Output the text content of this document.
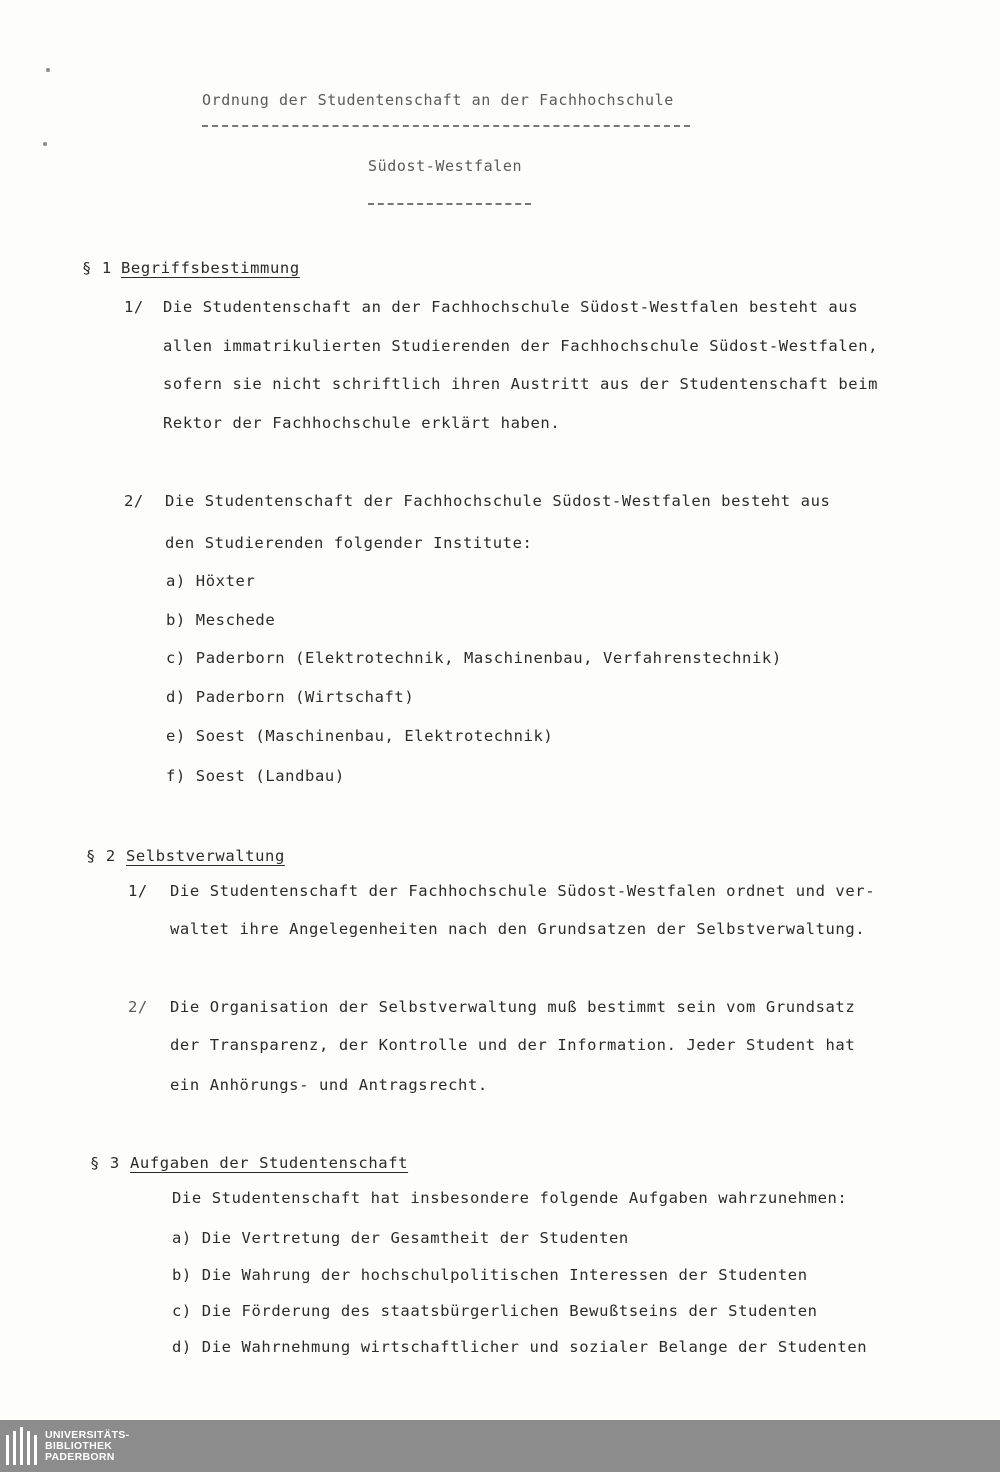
Ordnung der Studentenschaft an der Fachhochschule
Südost-Westfalen
§ 1 Begriffsbestimmung
1/ Die Studentenschaft an der Fachhochschule Südost-Westfalen besteht aus
allen immatrikulierten Studierenden der Fachhochschule Südost-Westfalen,
sofern sie nicht schriftlich ihren Austritt aus der Studentenschaft beim
Rektor der Fachhochschule erklärt haben.
2/ Die Studentenschaft der Fachhochschule Südost-Westfalen besteht aus
den Studierenden folgender Institute:
a) Höxter
b) Meschede
c) Paderborn (Elektrotechnik, Maschinenbau, Verfahrenstechnik)
d) Paderborn (Wirtschaft)
e) Soest (Maschinenbau, Elektrotechnik)
f) Soest (Landbau)
§ 2 Selbstverwaltung
1/ Die Studentenschaft der Fachhochschule Südost-Westfalen ordnet und ver-
waltet ihre Angelegenheiten nach den Grundsatzen der Selbstverwaltung.
2/ Die Organisation der Selbstverwaltung muß bestimmt sein vom Grundsatz
der Transparenz, der Kontrolle und der Information. Jeder Student hat
ein Anhörungs- und Antragsrecht.
§ 3 Aufgaben der Studentenschaft
Die Studentenschaft hat insbesondere folgende Aufgaben wahrzunehmen:
a) Die Vertretung der Gesamtheit der Studenten
b) Die Wahrung der hochschulpolitischen Interessen der Studenten
c) Die Förderung des staatsbürgerlichen Bewußtseins der Studenten
d) Die Wahrnehmung wirtschaftlicher und sozialer Belange der Studenten
UNIVERSITÄTS-
BIBLIOTHEK
PADERBORN
